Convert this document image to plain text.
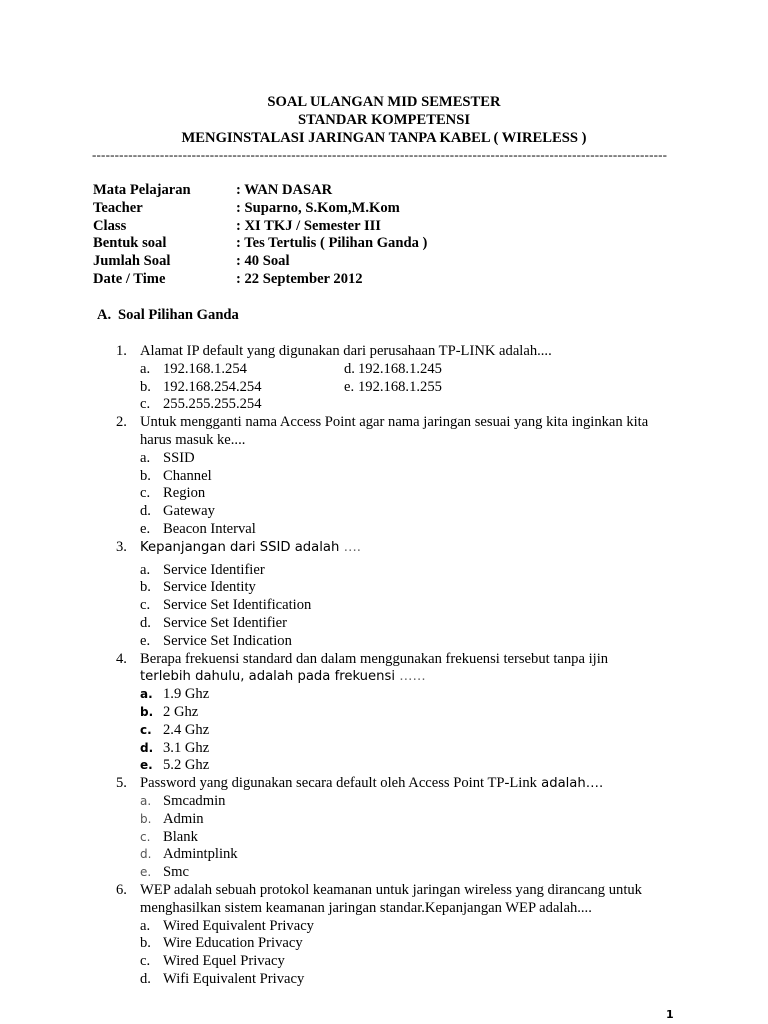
SOAL ULANGAN MID SEMESTER
STANDAR KOMPETENSI
MENGINSTALASI JARINGAN TANPA KABEL ( WIRELESS )
-------------------------------------------------------------------------------------------------------------------------------
Mata Pelajaran	: WAN DASAR
Teacher	: Suparno, S.Kom,M.Kom
Class	: XI TKJ / Semester III
Bentuk soal	: Tes Tertulis ( Pilihan Ganda )
Jumlah Soal	: 40 Soal
Date / Time	: 22 September 2012
A. Soal Pilihan Ganda
1. Alamat IP default yang digunakan dari perusahaan TP-LINK adalah....
a. 192.168.1.254	d. 192.168.1.245
b. 192.168.254.254	e. 192.168.1.255
c. 255.255.255.254
2. Untuk mengganti nama Access Point agar nama jaringan sesuai yang kita inginkan kita harus masuk ke....
a. SSID
b. Channel
c. Region
d. Gateway
e. Beacon Interval
3. Kepanjangan dari SSID adalah ….
a. Service Identifier
b. Service Identity
c. Service Set Identification
d. Service Set Identifier
e. Service Set Indication
4. Berapa frekuensi standard dan dalam menggunakan frekuensi tersebut tanpa ijin
terlebih dahulu, adalah pada frekuensi ……
a. 1.9 Ghz
b. 2 Ghz
c. 2.4 Ghz
d. 3.1 Ghz
e. 5.2 Ghz
5. Password yang digunakan secara default oleh Access Point TP-Link adalah….
a. Smcadmin
b. Admin
c. Blank
d. Admintplink
e. Smc
6. WEP adalah sebuah protokol keamanan untuk jaringan wireless yang dirancang untuk menghasilkan sistem keamanan jaringan standar.Kepanjangan WEP adalah....
a. Wired Equivalent Privacy
b. Wire Education Privacy
c. Wired Equel Privacy
d. Wifi Equivalent Privacy
1
